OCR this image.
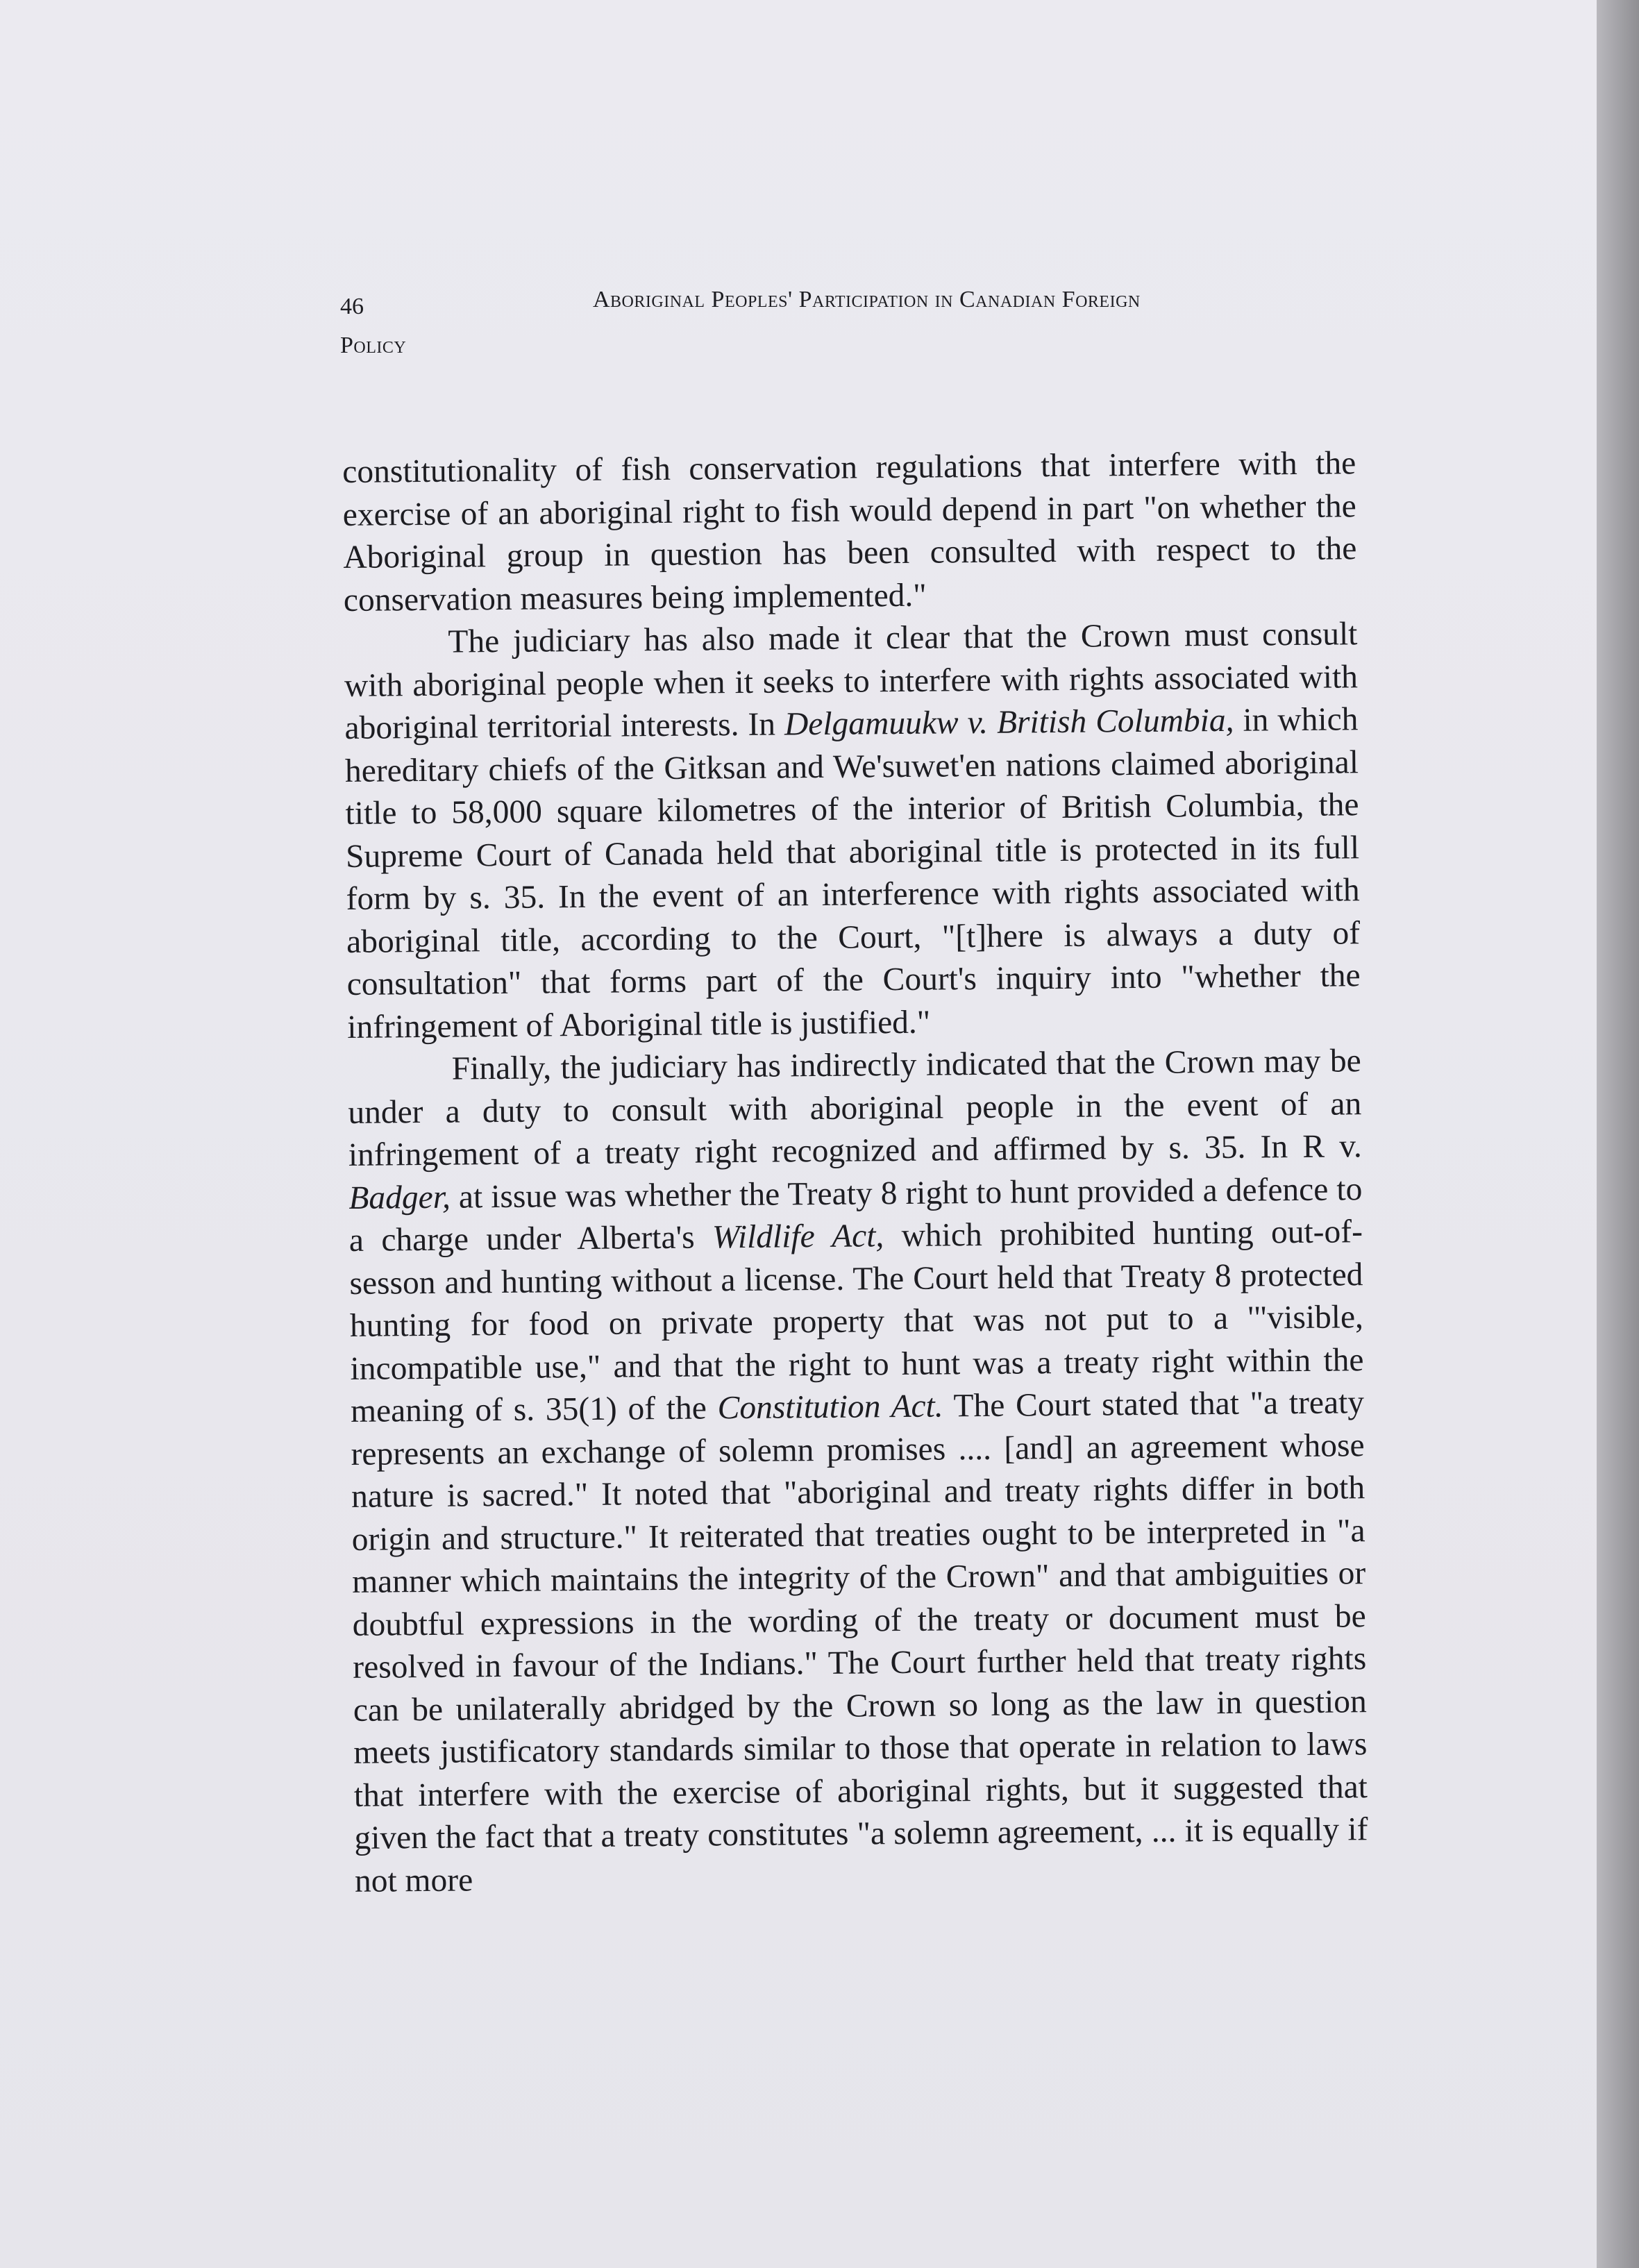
46	Aboriginal Peoples' Participation in Canadian Foreign
Policy

constitutionality of fish conservation regulations that interfere with the exercise of an aboriginal right to fish would depend in part "on whether the Aboriginal group in question has been consulted with respect to the conservation measures being implemented."

The judiciary has also made it clear that the Crown must consult with aboriginal people when it seeks to interfere with rights associated with aboriginal territorial interests. In Delgamuukw v. British Columbia, in which hereditary chiefs of the Gitksan and We'suwet'en nations claimed aboriginal title to 58,000 square kilometres of the interior of British Columbia, the Supreme Court of Canada held that aboriginal title is protected in its full form by s. 35. In the event of an interference with rights associated with aboriginal title, according to the Court, "[t]here is always a duty of consultation" that forms part of the Court's inquiry into "whether the infringement of Aboriginal title is justified."

Finally, the judiciary has indirectly indicated that the Crown may be under a duty to consult with aboriginal people in the event of an infringement of a treaty right recognized and affirmed by s. 35. In R v. Badger, at issue was whether the Treaty 8 right to hunt provided a defence to a charge under Alberta's Wildlife Act, which prohibited hunting out-of-sesson and hunting without a license. The Court held that Treaty 8 protected hunting for food on private property that was not put to a '"visible, incompatible use," and that the right to hunt was a treaty right within the meaning of s. 35(1) of the Constitution Act. The Court stated that "a treaty represents an exchange of solemn promises .... [and] an agreement whose nature is sacred." It noted that "aboriginal and treaty rights differ in both origin and structure." It reiterated that treaties ought to be interpreted in "a manner which maintains the integrity of the Crown" and that ambiguities or doubtful expressions in the wording of the treaty or document must be resolved in favour of the Indians." The Court further held that treaty rights can be unilaterally abridged by the Crown so long as the law in question meets justificatory standards similar to those that operate in relation to laws that interfere with the exercise of aboriginal rights, but it suggested that given the fact that a treaty constitutes "a solemn agreement, ... it is equally if not more
